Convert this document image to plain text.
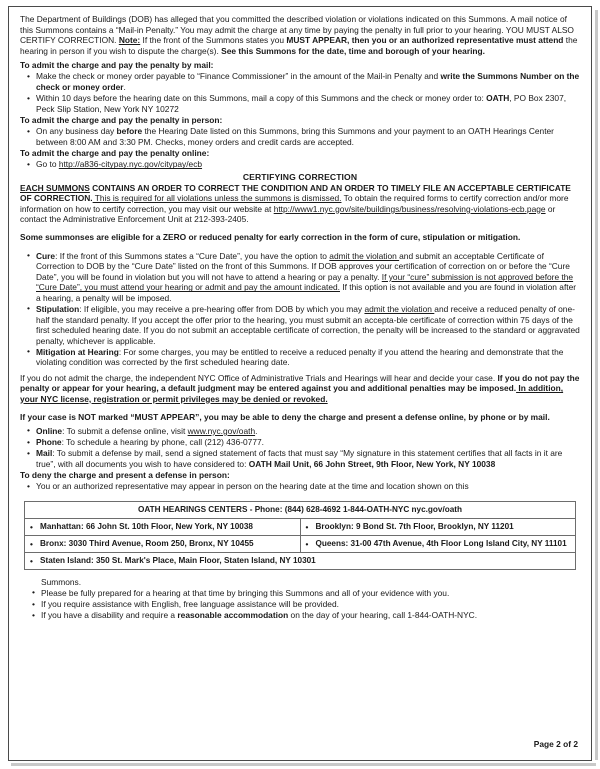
The Department of Buildings (DOB) has alleged that you committed the described violation or violations indicated on this Summons. A mail notice of this Summons contains a “Mail-in Penalty.” You may admit the charge at any time by paying the penalty in full prior to your hearing. YOU MUST ALSO CERTIFY CORRECTION. Note: If the front of the Summons states you MUST APPEAR, then you or an authorized representative must attend the hearing in person if you wish to dispute the charge(s). See this Summons for the date, time and borough of your hearing.

To admit the charge and pay the penalty by mail:
• Make the check or money order payable to “Finance Commissioner” in the amount of the Mail-in Penalty and write the Summons Number on the check or money order.
• Within 10 days before the hearing date on this Summons, mail a copy of this Summons and the check or money order to: OATH, PO Box 2307, Peck Slip Station, New York NY 10272
To admit the charge and pay the penalty in person:
• On any business day before the Hearing Date listed on this Summons, bring this Summons and your payment to an OATH Hearings Center between 8:00 AM and 3:30 PM. Checks, money orders and credit cards are accepted.
To admit the charge and pay the penalty online:
• Go to http://a836-citypay.nyc.gov/citypay/ecb
CERTIFYING CORRECTION

EACH SUMMONS CONTAINS AN ORDER TO CORRECT THE CONDITION AND AN ORDER TO TIMELY FILE AN ACCEPTABLE CERTIFICATE OF CORRECTION. This is required for all violations unless the summons is dismissed. To obtain the required forms to certify correction and/or more information on how to certify correction, you may visit our website at http://www1.nyc.gov/site/buildings/business/resolving-violations-ecb.page or contact the Administrative Enforcement Unit at 212-393-2405.

Some summonses are eligible for a ZERO or reduced penalty for early correction in the form of cure, stipulation or mitigation.

• Cure: If the front of this Summons states a “Cure Date”, you have the option to admit the violation and submit an acceptable Certificate of Correction to DOB by the “Cure Date” listed on the front of this Summons. If DOB approves your certification of correction on or before the “Cure Date”, you will be found in violation but you will not have to attend a hearing or pay a penalty. If your “cure” submission is not approved before the “Cure Date”, you must attend your hearing or admit and pay the amount indicated. If this option is not available and you are found in violation after a hearing, a penalty will be imposed.
• Stipulation: If eligible, you may receive a pre-hearing offer from DOB by which you may admit the violation and receive a reduced penalty of one-half the standard penalty. If you accept the offer prior to the hearing, you must submit an accepta-ble certificate of correction within 75 days of the first scheduled hearing date. If you do not submit an acceptable certificate of correction, the penalty will be increased to the standard or aggravated penalty, whichever is applicable.
• Mitigation at Hearing: For some charges, you may be entitled to receive a reduced penalty if you attend the hearing and demonstrate that the violating condition was corrected by the first scheduled hearing date.

If you do not admit the charge, the independent NYC Office of Administrative Trials and Hearings will hear and decide your case. If you do not pay the penalty or appear for your hearing, a default judgment may be entered against you and additional penalties may be imposed. In addition, your NYC license, registration or permit privileges may be denied or revoked.

If your case is NOT marked “MUST APPEAR”, you may be able to deny the charge and present a defense online, by phone or by mail.

• Online: To submit a defense online, visit www.nyc.gov/oath.
• Phone: To schedule a hearing by phone, call (212) 436-0777.
• Mail: To submit a defense by mail, send a signed statement of facts that must say “My signature in this statement certifies that all facts in it are true”, with all documents you wish to have considered to: OATH Mail Unit, 66 John Street, 9th Floor, New York, NY 10038
To deny the charge and present a defense in person:
• You or an authorized representative may appear in person on the hearing date at the time and location shown on this
OATH HEARINGS CENTERS - Phone: (844) 628-4692 1-844-OATH-NYC nyc.gov/oath	
• Manhattan: 66 John St. 10th Floor, New York, NY 10038	• Brooklyn: 9 Bond St. 7th Floor, Brooklyn, NY 11201
• Bronx: 3030 Third Avenue, Room 250, Bronx, NY 10455	• Queens: 31-00 47th Avenue, 4th Floor Long Island City, NY 11101
• Staten Island: 350 St. Mark's Place, Main Floor, Staten Island, NY 10301
Summons.
• Please be fully prepared for a hearing at that time by bringing this Summons and all of your evidence with you.
• If you require assistance with English, free language assistance will be provided.
• If you have a disability and require a reasonable accommodation on the day of your hearing, call 1-844-OATH-NYC.
Page 2 of 2
